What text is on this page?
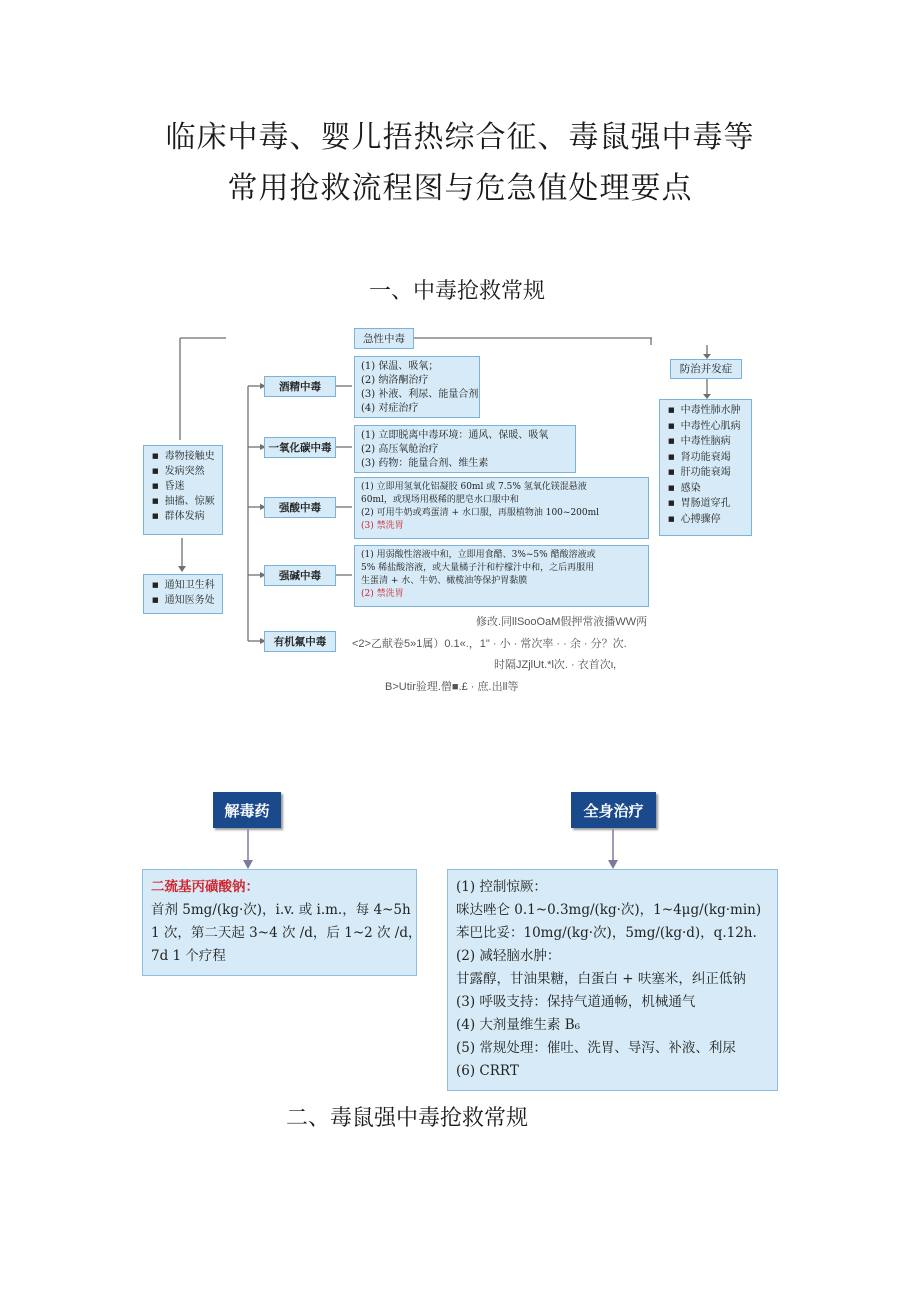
临床中毒、婴儿捂热综合征、毒鼠强中毒等
常用抢救流程图与危急值处理要点
一、中毒抢救常规
急性中毒
■ 毒物接触史
■ 发病突然
■ 昏迷
■ 抽搐、惊厥
■ 群体发病
■ 通知卫生科
■ 通知医务处
酒精中毒
一氧化碳中毒
强酸中毒
强碱中毒
有机氟中毒
(1) 保温、吸氧；
(2) 纳洛酮治疗
(3) 补液、利尿、能量合剂
(4) 对症治疗
(1) 立即脱离中毒环境：通风、保暖、吸氧
(2) 高压氧舱治疗
(3) 药物：能量合剂、维生素
(1) 立即用氢氧化铝凝胶 60ml 或 7.5% 氢氧化镁混悬液
60ml，或现场用极稀的肥皂水口服中和
(2) 可用牛奶或鸡蛋清 + 水口服，再服植物油 100~200ml
(3) 禁洗胃
(1) 用弱酸性溶液中和，立即用食醋、3%~5% 醋酸溶液或
5% 稀盐酸溶液，或大量橘子汁和柠檬汁中和，之后再服用
生蛋清 + 水、牛奶、橄榄油等保护胃黏膜
(2) 禁洗胃
修改.同llSooOaM假押常液播WW两
<2>乙献卷5»1属）0.1«.，1" · 小 · 常次率 · · 余 · 分？次.
时隔JZjlUt.*l次. · 衣首次ι,
B>Utir验理.僧■.£ · 庶.出ll等
防治并发症
■ 中毒性肺水肿
■ 中毒性心肌病
■ 中毒性脑病
■ 肾功能衰竭
■ 肝功能衰竭
■ 感染
■ 胃肠道穿孔
■ 心搏骤停
解毒药	全身治疗
二巯基丙磺酸钠：
首剂 5mg/(kg·次)，i.v. 或 i.m.，每 4~5h
1 次，第二天起 3~4 次 /d，后 1~2 次 /d，
7d 1 个疗程
(1) 控制惊厥：
咪达唑仑 0.1~0.3mg/(kg·次)，1~4μg/(kg·min)
苯巴比妥：10mg/(kg·次)，5mg/(kg·d)，q.12h.
(2) 减轻脑水肿：
甘露醇，甘油果糖，白蛋白 + 呋塞米，纠正低钠
(3) 呼吸支持：保持气道通畅，机械通气
(4) 大剂量维生素 B₆
(5) 常规处理：催吐、洗胃、导泻、补液、利尿
(6) CRRT
二、毒鼠强中毒抢救常规
